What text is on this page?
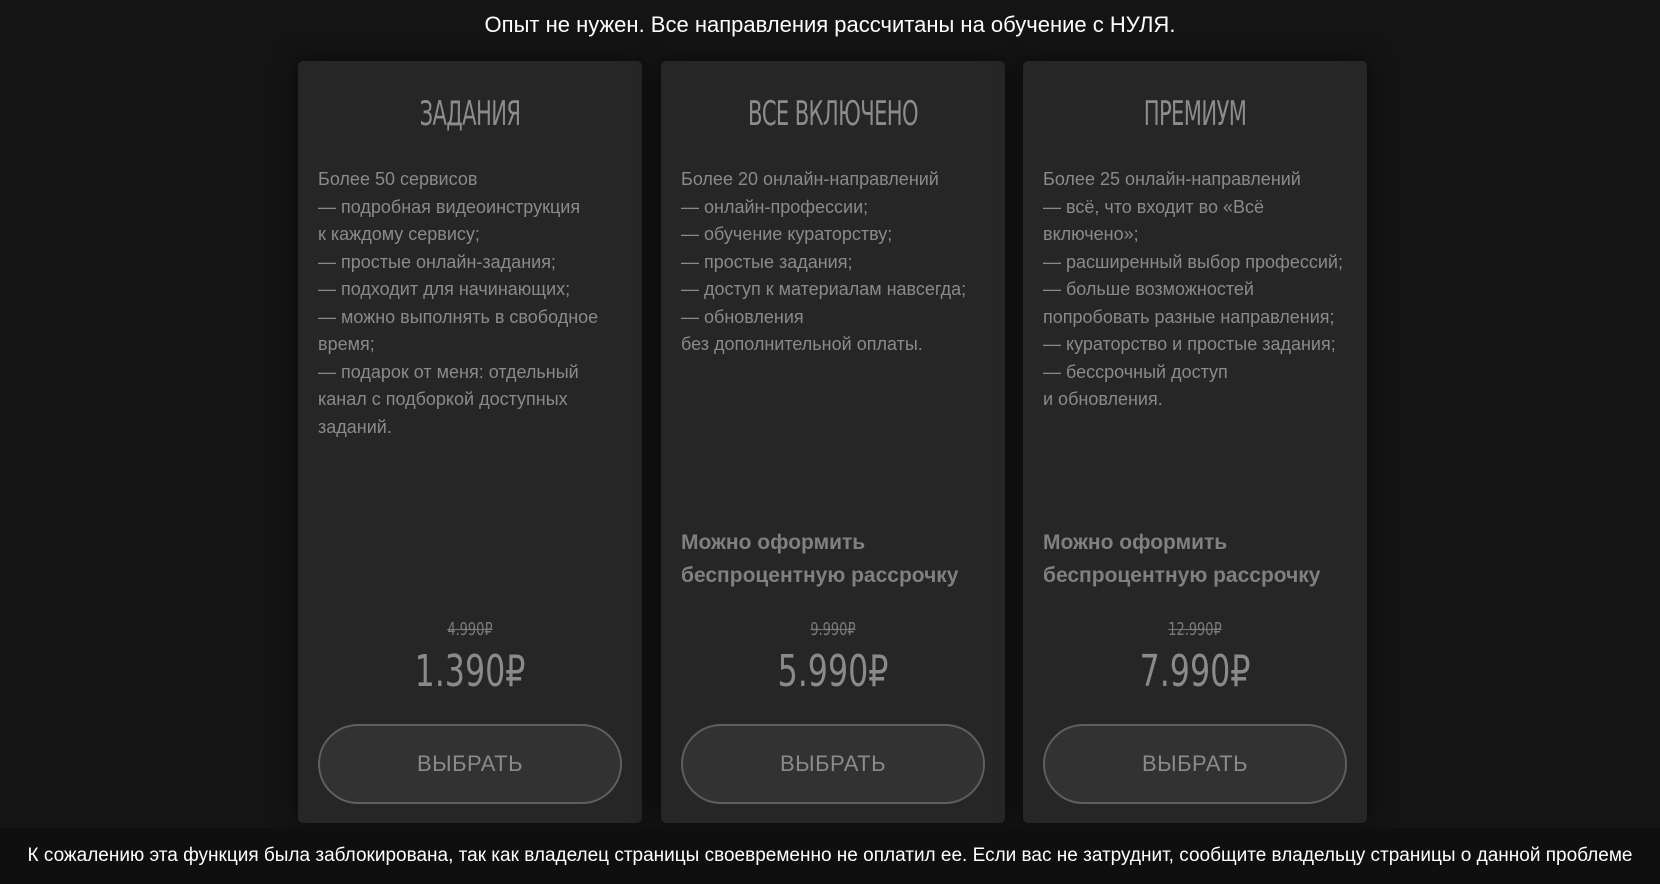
Опыт не нужен. Все направления рассчитаны на обучение с НУЛЯ.
ЗАДАНИЯ

Более 50 сервисов
— подробная видеоинструкция
к каждому сервису;
— простые онлайн-задания;
— подходит для начинающих;
— можно выполнять в свободное время;
— подарок от меня: отдельный канал с подборкой доступных заданий.

4.990₽
1.390₽
ВЫБРАТЬ
ВСЕ ВКЛЮЧЕНО

Более 20 онлайн-направлений
— онлайн-профессии;
— обучение кураторству;
— простые задания;
— доступ к материалам навсегда;
— обновления
без дополнительной оплаты.

Можно оформить
беспроцентную рассрочку

9.990₽
5.990₽
ВЫБРАТЬ
ПРЕМИУМ

Более 25 онлайн-направлений
— всё, что входит во «Всё включено»;
— расширенный выбор профессий;
— больше возможностей попробовать разные направления;
— кураторство и простые задания;
— бессрочный доступ
и обновления.

Можно оформить
беспроцентную рассрочку

12.990₽
7.990₽
ВЫБРАТЬ
К сожалению эта функция была заблокирована, так как владелец страницы своевременно не оплатил ее. Если вас не затруднит, сообщите владельцу страницы о данной проблеме
